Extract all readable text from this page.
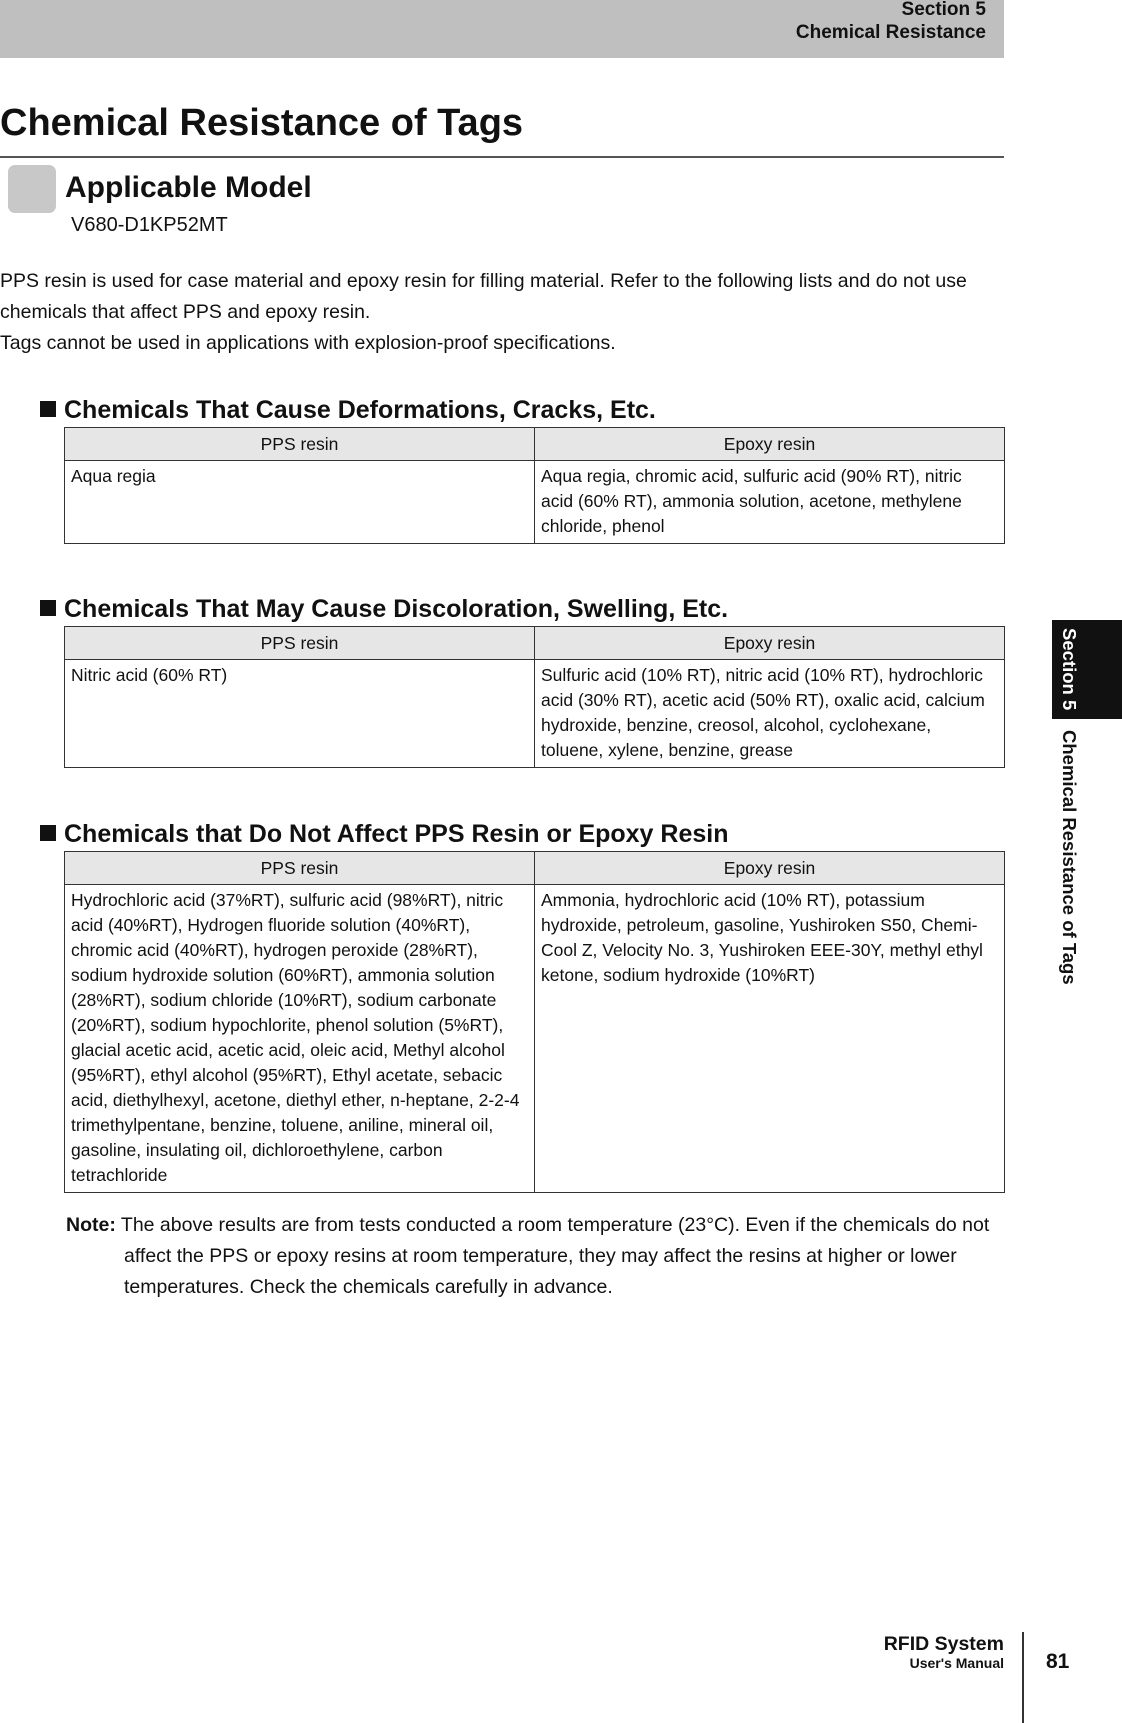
Section 5
Chemical Resistance
Chemical Resistance of Tags
Applicable Model
V680-D1KP52MT

PPS resin is used for case material and epoxy resin for filling material. Refer to the following lists and do not use chemicals that affect PPS and epoxy resin.

Tags cannot be used in applications with explosion-proof specifications.

Chemicals That Cause Deformations, Cracks, Etc.
PPS resin	Epoxy resin
Aqua regia	Aqua regia, chromic acid, sulfuric acid (90% RT), nitric acid (60% RT), ammonia solution, acetone, methylene chloride, phenol
Chemicals That May Cause Discoloration, Swelling, Etc.
PPS resin	Epoxy resin
Nitric acid (60% RT)	Sulfuric acid (10% RT), nitric acid (10% RT), hydrochloric acid (30% RT), acetic acid (50% RT), oxalic acid, calcium hydroxide, benzine, creosol, alcohol, cyclohexane, toluene, xylene, benzine, grease
Chemicals that Do Not Affect PPS Resin or Epoxy Resin
PPS resin	Epoxy resin
Hydrochloric acid (37%RT), sulfuric acid (98%RT), nitric acid (40%RT), Hydrogen fluoride solution (40%RT), chromic acid (40%RT), hydrogen peroxide (28%RT), sodium hydroxide solution (60%RT), ammonia solution (28%RT), sodium chloride (10%RT), sodium carbonate (20%RT), sodium hypochlorite, phenol solution (5%RT), glacial acetic acid, acetic acid, oleic acid, Methyl alcohol (95%RT), ethyl alcohol (95%RT), Ethyl acetate, sebacic acid, diethylhexyl, acetone, diethyl ether, n-heptane, 2-2-4 trimethylpentane, benzine, toluene, aniline, mineral oil, gasoline, insulating oil, dichloroethylene, carbon tetrachloride	Ammonia, hydrochloric acid (10% RT), potassium hydroxide, petroleum, gasoline, Yushiroken S50, Chemi-Cool Z, Velocity No. 3, Yushiroken EEE-30Y, methyl ethyl ketone, sodium hydroxide (10%RT)
Note: The above results are from tests conducted a room temperature (23°C). Even if the chemicals do not affect the PPS or epoxy resins at room temperature, they may affect the resins at higher or lower temperatures. Check the chemicals carefully in advance.
Section 5
Chemical Resistance of Tags
RFID System
User's Manual 81
